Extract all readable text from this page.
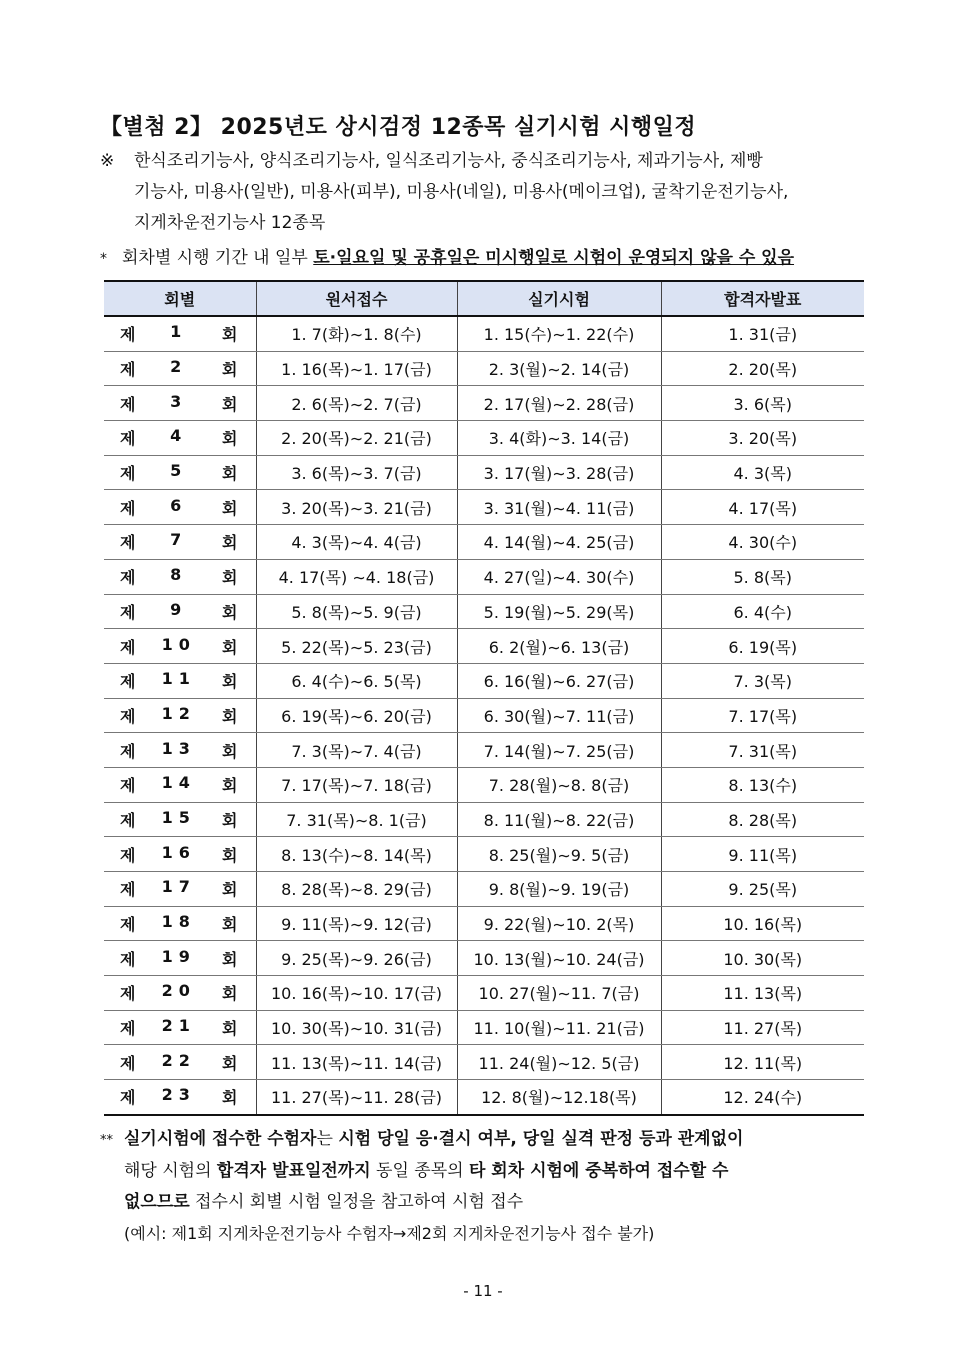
【별첨 2】 2025년도 상시검정 12종목 실기시험 시행일정
※ 한식조리기능사, 양식조리기능사, 일식조리기능사, 중식조리기능사, 제과기능사, 제빵
기능사, 미용사(일반), 미용사(피부), 미용사(네일), 미용사(메이크업), 굴착기운전기능사,
지게차운전기능사 12종목
* 회차별 시행 기간 내 일부 토·일요일 및 공휴일은 미시행일로 시험이 운영되지 않을 수 있음
회별	원서접수	실기시험	합격자발표

제 1 회	1. 7(화)∼1. 8(수)	1. 15(수)∼1. 22(수)	1. 31(금)

제 2 회	1. 16(목)∼1. 17(금)	2. 3(월)∼2. 14(금)	2. 20(목)

제 3 회	2. 6(목)∼2. 7(금)	2. 17(월)∼2. 28(금)	3. 6(목)

제 4 회	2. 20(목)∼2. 21(금)	3. 4(화)∼3. 14(금)	3. 20(목)

제 5 회	3. 6(목)∼3. 7(금)	3. 17(월)∼3. 28(금)	4. 3(목)

제 6 회	3. 20(목)∼3. 21(금)	3. 31(월)∼4. 11(금)	4. 17(목)

제 7 회	4. 3(목)∼4. 4(금)	4. 14(월)∼4. 25(금)	4. 30(수)

제 8 회	4. 17(목) ∼4. 18(금)	4. 27(일)∼4. 30(수)	5. 8(목)

제 9 회	5. 8(목)∼5. 9(금)	5. 19(월)∼5. 29(목)	6. 4(수)

제 10 회	5. 22(목)∼5. 23(금)	6. 2(월)∼6. 13(금)	6. 19(목)

제 11 회	6. 4(수)∼6. 5(목)	6. 16(월)∼6. 27(금)	7. 3(목)

제 12 회	6. 19(목)∼6. 20(금)	6. 30(월)∼7. 11(금)	7. 17(목)

제 13 회	7. 3(목)∼7. 4(금)	7. 14(월)∼7. 25(금)	7. 31(목)

제 14 회	7. 17(목)∼7. 18(금)	7. 28(월)∼8. 8(금)	8. 13(수)

제 15 회	7. 31(목)∼8. 1(금)	8. 11(월)∼8. 22(금)	8. 28(목)

제 16 회	8. 13(수)∼8. 14(목)	8. 25(월)∼9. 5(금)	9. 11(목)

제 17 회	8. 28(목)∼8. 29(금)	9. 8(월)∼9. 19(금)	9. 25(목)

제 18 회	9. 11(목)∼9. 12(금)	9. 22(월)∼10. 2(목)	10. 16(목)

제 19 회	9. 25(목)∼9. 26(금)	10. 13(월)∼10. 24(금)	10. 30(목)

제 20 회	10. 16(목)∼10. 17(금)	10. 27(월)∼11. 7(금)	11. 13(목)

제 21 회	10. 30(목)∼10. 31(금)	11. 10(월)∼11. 21(금)	11. 27(목)

제 22 회	11. 13(목)∼11. 14(금)	11. 24(월)∼12. 5(금)	12. 11(목)

제 23 회	11. 27(목)∼11. 28(금)	12. 8(월)∼12.18(목)	12. 24(수)
** 실기시험에 접수한 수험자는 시험 당일 응·결시 여부, 당일 실격 판정 등과 관계없이
해당 시험의 합격자 발표일전까지 동일 종목의 타 회차 시험에 중복하여 접수할 수
없으므로 접수시 회별 시험 일정을 참고하여 시험 접수
(예시: 제1회 지게차운전기능사 수험자→제2회 지게차운전기능사 접수 불가)
- 11 -
